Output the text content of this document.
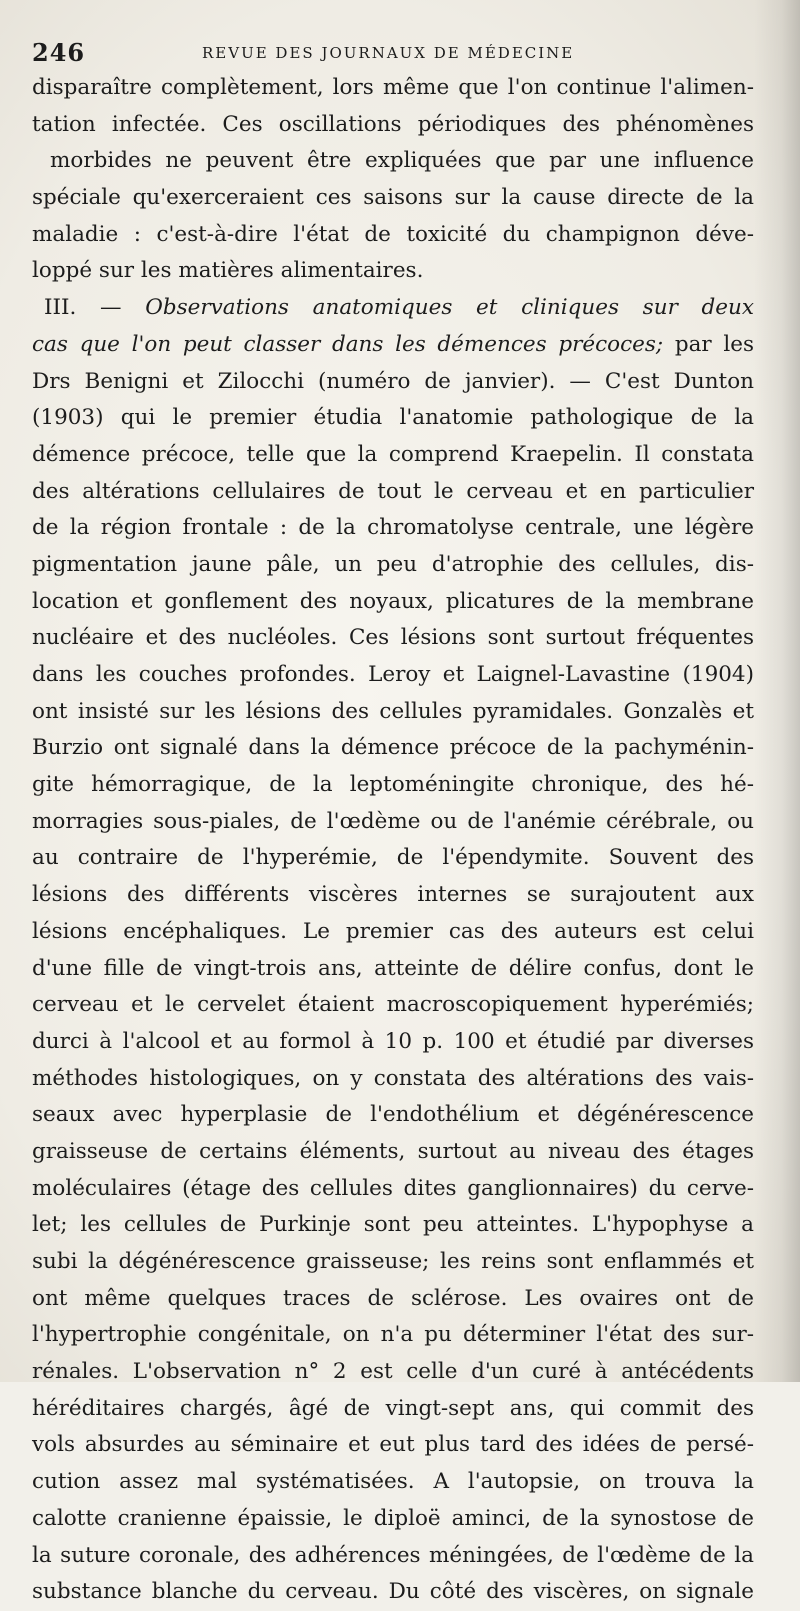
246	REVUE DES JOURNAUX DE MÉDECINE
disparaître complètement, lors même que l'on continue l'alimen-
tation infectée. Ces oscillations périodiques des phénomènes
morbides ne peuvent être expliquées que par une influence
spéciale qu'exerceraient ces saisons sur la cause directe de la
maladie : c'est-à-dire l'état de toxicité du champignon déve-
loppé sur les matières alimentaires.
III. — Observations anatomiques et cliniques sur deux
cas que l'on peut classer dans les démences précoces; par les
Drs Benigni et Zilocchi (numéro de janvier). — C'est Dunton
(1903) qui le premier étudia l'anatomie pathologique de la
démence précoce, telle que la comprend Kraepelin. Il constata
des altérations cellulaires de tout le cerveau et en particulier
de la région frontale : de la chromatolyse centrale, une légère
pigmentation jaune pâle, un peu d'atrophie des cellules, dis-
location et gonflement des noyaux, plicatures de la membrane
nucléaire et des nucléoles. Ces lésions sont surtout fréquentes
dans les couches profondes. Leroy et Laignel-Lavastine (1904)
ont insisté sur les lésions des cellules pyramidales. Gonzalès et
Burzio ont signalé dans la démence précoce de la pachyménin-
gite hémorragique, de la leptoméningite chronique, des hé-
morragies sous-piales, de l'œdème ou de l'anémie cérébrale, ou
au contraire de l'hyperémie, de l'épendymite. Souvent des
lésions des différents viscères internes se surajoutent aux
lésions encéphaliques. Le premier cas des auteurs est celui
d'une fille de vingt-trois ans, atteinte de délire confus, dont le
cerveau et le cervelet étaient macroscopiquement hyperémiés;
durci à l'alcool et au formol à 10 p. 100 et étudié par diverses
méthodes histologiques, on y constata des altérations des vais-
seaux avec hyperplasie de l'endothélium et dégénérescence
graisseuse de certains éléments, surtout au niveau des étages
moléculaires (étage des cellules dites ganglionnaires) du cerve-
let; les cellules de Purkinje sont peu atteintes. L'hypophyse a
subi la dégénérescence graisseuse; les reins sont enflammés et
ont même quelques traces de sclérose. Les ovaires ont de
l'hypertrophie congénitale, on n'a pu déterminer l'état des sur-
rénales. L'observation n° 2 est celle d'un curé à antécédents
héréditaires chargés, âgé de vingt-sept ans, qui commit des
vols absurdes au séminaire et eut plus tard des idées de persé-
cution assez mal systématisées. A l'autopsie, on trouva la
calotte cranienne épaissie, le diploë aminci, de la synostose de
la suture coronale, des adhérences méningées, de l'œdème de la
substance blanche du cerveau. Du côté des viscères, on signale
